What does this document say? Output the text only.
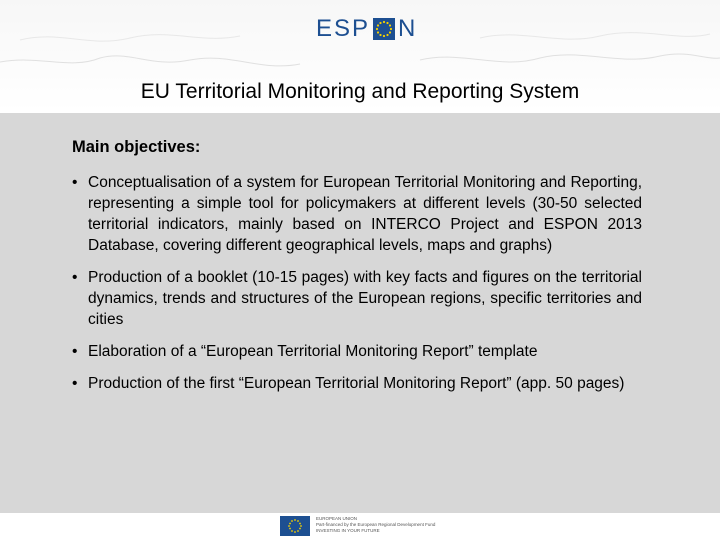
ESP N
EU Territorial Monitoring and Reporting System
Main objectives:
• Conceptualisation of a system for European Territorial Monitoring and Reporting, representing a simple tool for policymakers at different levels (30-50 selected territorial indicators, mainly based on INTERCO Project and ESPON 2013 Database, covering different geographical levels, maps and graphs)
• Production of a booklet (10-15 pages) with key facts and figures on the territorial dynamics, trends and structures of the European regions, specific territories and cities
• Elaboration of a “European Territorial Monitoring Report” template
• Production of the first “European Territorial Monitoring Report” (app. 50 pages)
EUROPEAN UNION
Part-financed by the European Regional Development Fund
INVESTING IN YOUR FUTURE
